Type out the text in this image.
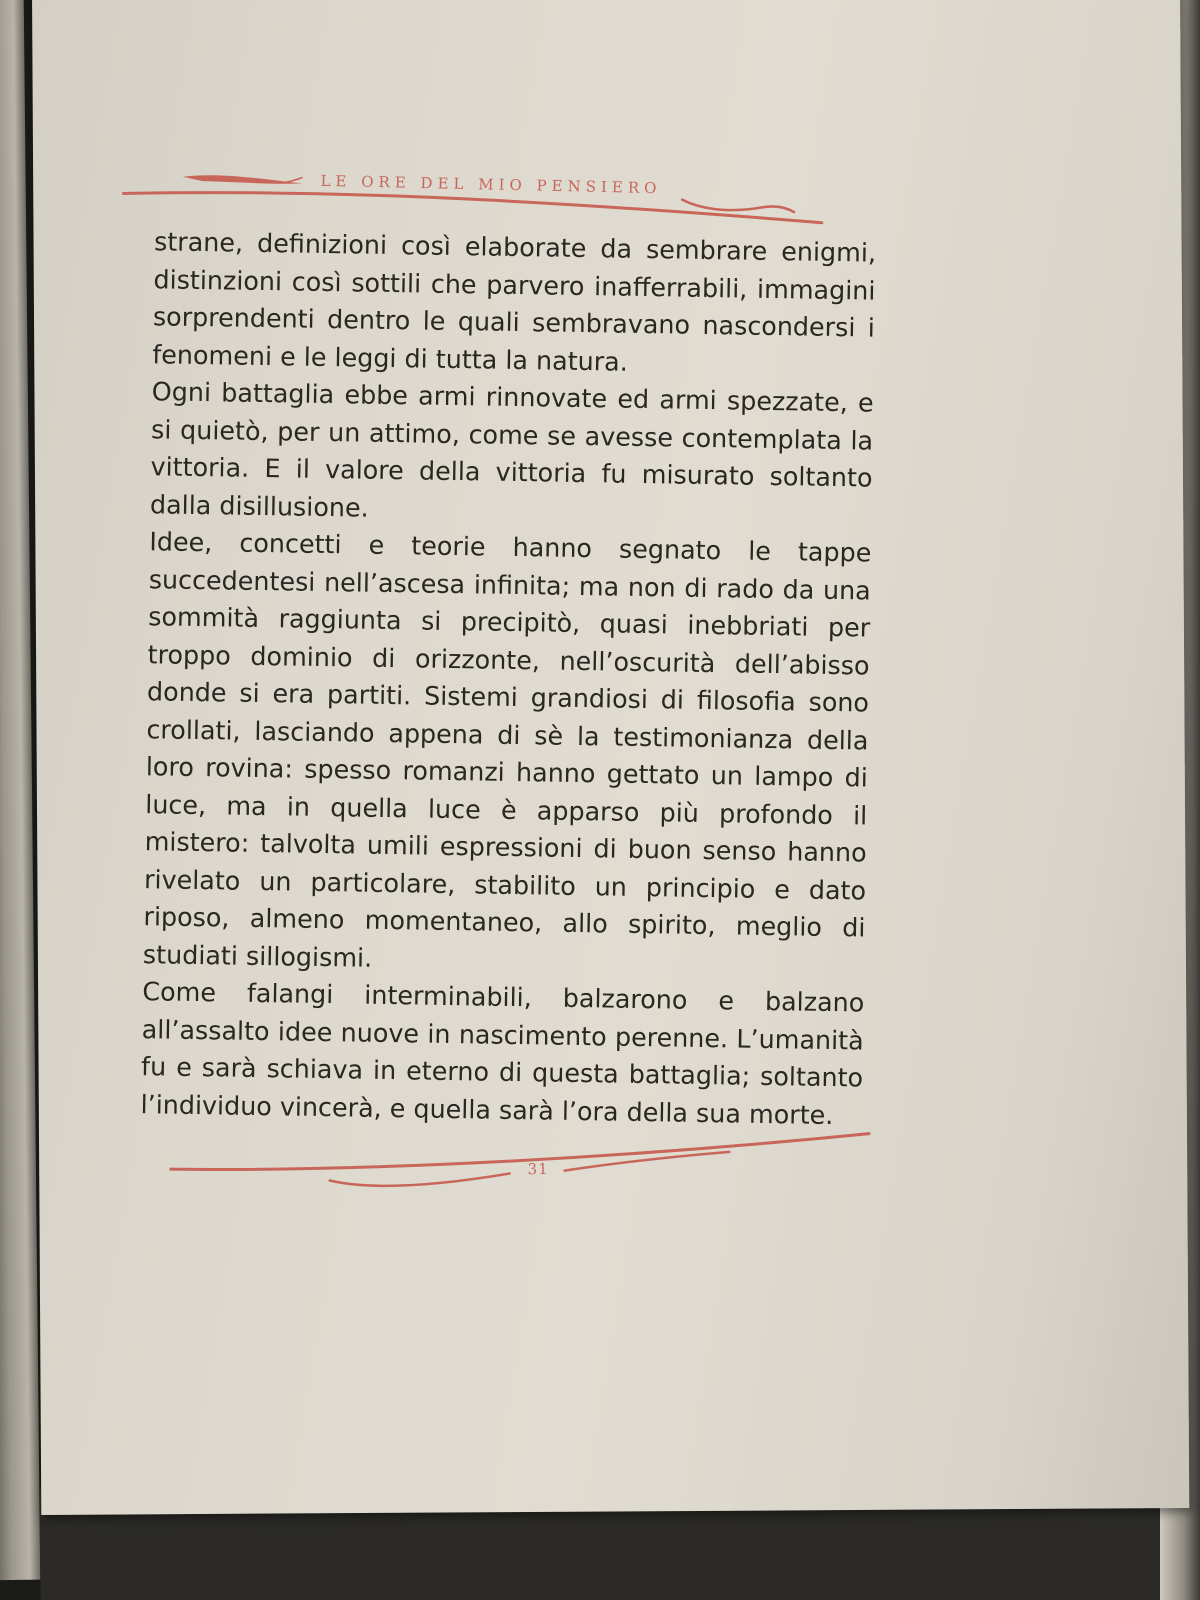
LE ORE DEL MIO PENSIERO

strane, definizioni così elaborate da sembrare enigmi, distinzioni così sottili che parvero inafferrabili, immagini sorprendenti dentro le quali sembravano nascondersi i fenomeni e le leggi di tutta la natura.

Ogni battaglia ebbe armi rinnovate ed armi spezzate, e si quietò, per un attimo, come se avesse contemplata la vittoria. E il valore della vittoria fu misurato soltanto dalla disillusione.

Idee, concetti e teorie hanno segnato le tappe succedentesi nell’ascesa infinita; ma non di rado da una sommità raggiunta si precipitò, quasi inebbriati per troppo dominio di orizzonte, nell’oscurità dell’abisso donde si era partiti. Sistemi grandiosi di filosofia sono crollati, lasciando appena di sè la testimonianza della loro rovina: spesso romanzi hanno gettato un lampo di luce, ma in quella luce è apparso più profondo il mistero: talvolta umili espressioni di buon senso hanno rivelato un particolare, stabilito un principio e dato riposo, almeno momentaneo, allo spirito, meglio di studiati sillogismi.

Come falangi interminabili, balzarono e balzano all’assalto idee nuove in nascimento perenne. L’umanità fu e sarà schiava in eterno di questa battaglia; soltanto l’individuo vincerà, e quella sarà l’ora della sua morte.

31
